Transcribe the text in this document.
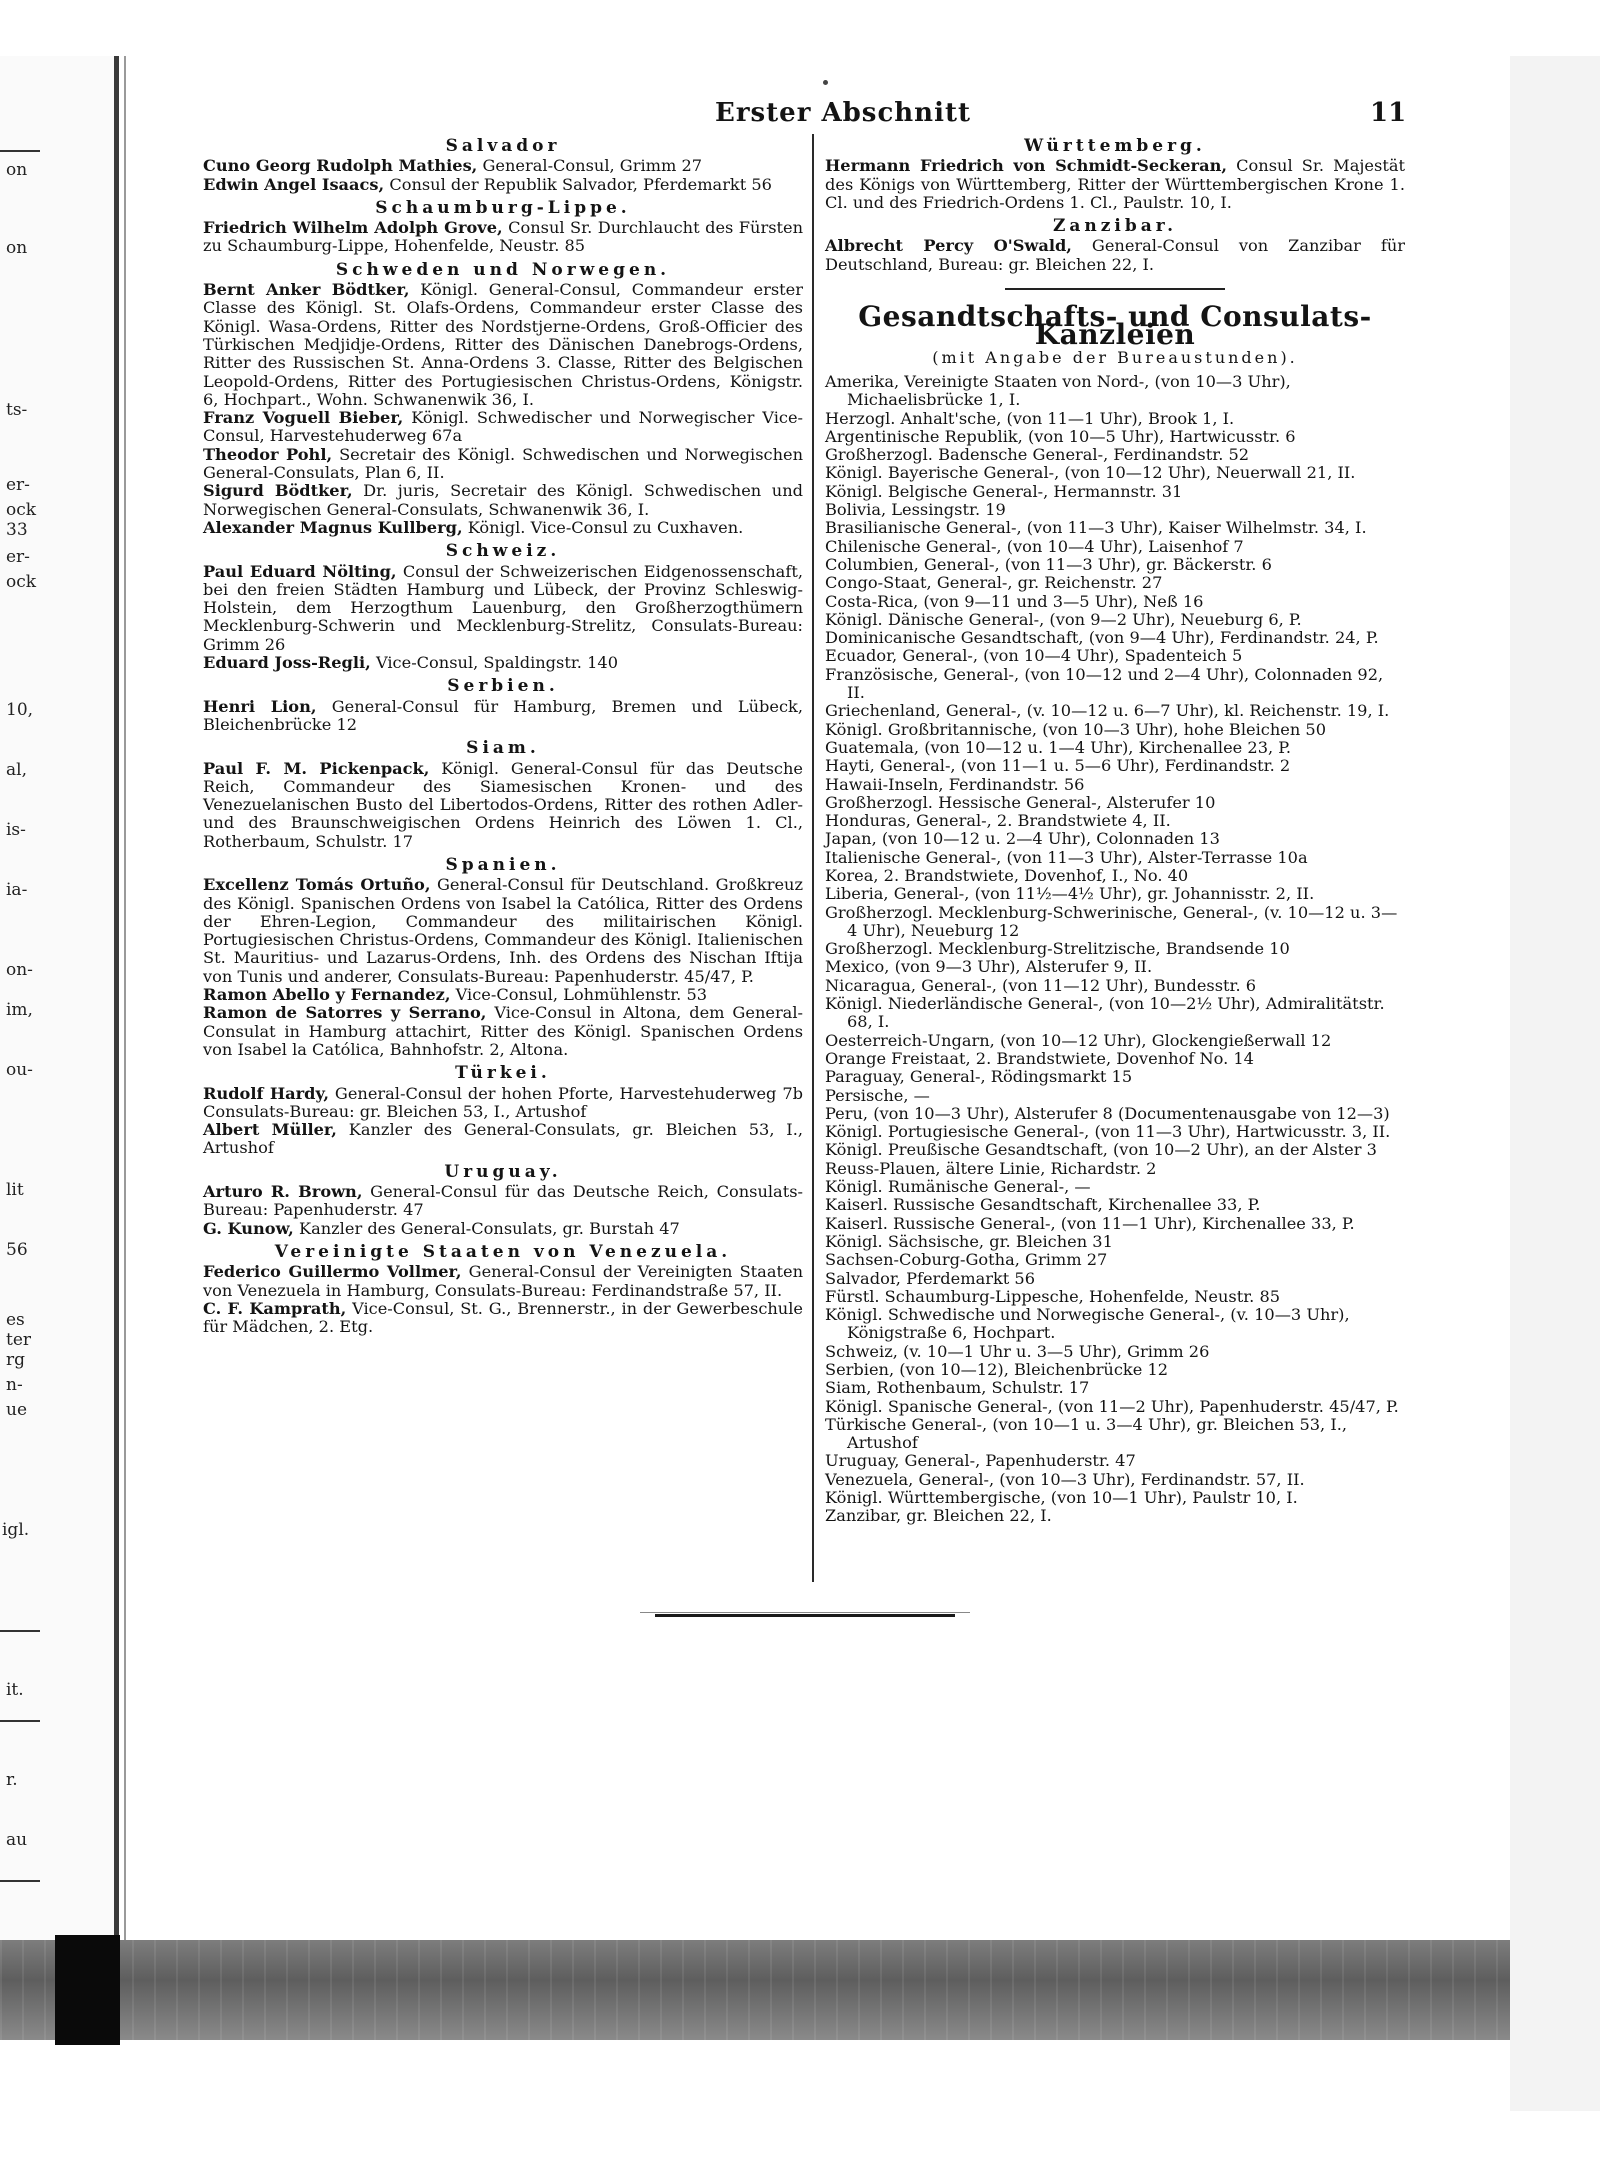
on
on
ts-
er-
ock
33
er-
ock
10,
al,
is-
ia-
on-
im,
ou-
lit
56
es
ter
rg
n-
ue
igl.
it.
r.
au
Erster Abschnitt	11
Salvador

Cuno Georg Rudolph Mathies, General-Consul, Grimm 27

Edwin Angel Isaacs, Consul der Republik Salvador, Pferdemarkt 56

Schaumburg-Lippe.

Friedrich Wilhelm Adolph Grove, Consul Sr. Durchlaucht des Fürsten zu Schaumburg-Lippe, Hohenfelde, Neustr. 85

Schweden und Norwegen.

Bernt Anker Bödtker, Königl. General-Consul, Commandeur erster Classe des Königl. St. Olafs-Ordens, Commandeur erster Classe des Königl. Wasa-Ordens, Ritter des Nordstjerne-Ordens, Groß-Officier des Türkischen Medjidje-Ordens, Ritter des Dänischen Danebrogs-Ordens, Ritter des Russischen St. Anna-Ordens 3. Classe, Ritter des Belgischen Leopold-Ordens, Ritter des Portugiesischen Christus-Ordens, Königstr. 6, Hochpart., Wohn. Schwanenwik 36, I.

Franz Voguell Bieber, Königl. Schwedischer und Norwegischer Vice-Consul, Harvestehuderweg 67a

Theodor Pohl, Secretair des Königl. Schwedischen und Norwegischen General-Consulats, Plan 6, II.

Sigurd Bödtker, Dr. juris, Secretair des Königl. Schwedischen und Norwegischen General-Consulats, Schwanenwik 36, I.

Alexander Magnus Kullberg, Königl. Vice-Consul zu Cuxhaven.

Schweiz.

Paul Eduard Nölting, Consul der Schweizerischen Eidgenossenschaft, bei den freien Städten Hamburg und Lübeck, der Provinz Schleswig-Holstein, dem Herzogthum Lauenburg, den Großherzogthümern Mecklenburg-Schwerin und Mecklenburg-Strelitz, Consulats-Bureau: Grimm 26

Eduard Joss-Regli, Vice-Consul, Spaldingstr. 140

Serbien.

Henri Lion, General-Consul für Hamburg, Bremen und Lübeck, Bleichenbrücke 12

Siam.

Paul F. M. Pickenpack, Königl. General-Consul für das Deutsche Reich, Commandeur des Siamesischen Kronen- und des Venezuelanischen Busto del Libertodos-Ordens, Ritter des rothen Adler- und des Braunschweigischen Ordens Heinrich des Löwen 1. Cl., Rotherbaum, Schulstr. 17

Spanien.

Excellenz Tomás Ortuño, General-Consul für Deutschland. Großkreuz des Königl. Spanischen Ordens von Isabel la Católica, Ritter des Ordens der Ehren-Legion, Commandeur des militairischen Königl. Portugiesischen Christus-Ordens, Commandeur des Königl. Italienischen St. Mauritius- und Lazarus-Ordens, Inh. des Ordens des Nischan Iftija von Tunis und anderer, Consulats-Bureau: Papenhuderstr. 45/47, P.

Ramon Abello y Fernandez, Vice-Consul, Lohmühlenstr. 53

Ramon de Satorres y Serrano, Vice-Consul in Altona, dem General-Consulat in Hamburg attachirt, Ritter des Königl. Spanischen Ordens von Isabel la Católica, Bahnhofstr. 2, Altona.

Türkei.

Rudolf Hardy, General-Consul der hohen Pforte, Harvestehuderweg 7b Consulats-Bureau: gr. Bleichen 53, I., Artushof

Albert Müller, Kanzler des General-Consulats, gr. Bleichen 53, I., Artushof

Uruguay.

Arturo R. Brown, General-Consul für das Deutsche Reich, Consulats-Bureau: Papenhuderstr. 47

G. Kunow, Kanzler des General-Consulats, gr. Burstah 47

Vereinigte Staaten von Venezuela.

Federico Guillermo Vollmer, General-Consul der Vereinigten Staaten von Venezuela in Hamburg, Consulats-Bureau: Ferdinandstraße 57, II.

C. F. Kamprath, Vice-Consul, St. G., Brennerstr., in der Gewerbeschule für Mädchen, 2. Etg.

Württemberg.

Hermann Friedrich von Schmidt-Seckeran, Consul Sr. Majestät des Königs von Württemberg, Ritter der Württembergischen Krone 1. Cl. und des Friedrich-Ordens 1. Cl., Paulstr. 10, I.

Zanzibar.

Albrecht Percy O'Swald, General-Consul von Zanzibar für Deutschland, Bureau: gr. Bleichen 22, I.

Gesandtschafts- und Consulats-Kanzleien
(mit Angabe der Bureaustunden).

Amerika, Vereinigte Staaten von Nord-, (von 10—3 Uhr), Michaelisbrücke 1, I.

Herzogl. Anhalt'sche, (von 11—1 Uhr), Brook 1, I.

Argentinische Republik, (von 10—5 Uhr), Hartwicusstr. 6

Großherzogl. Badensche General-, Ferdinandstr. 52

Königl. Bayerische General-, (von 10—12 Uhr), Neuerwall 21, II.

Königl. Belgische General-, Hermannstr. 31

Bolivia, Lessingstr. 19

Brasilianische General-, (von 11—3 Uhr), Kaiser Wilhelmstr. 34, I.

Chilenische General-, (von 10—4 Uhr), Laisenhof 7

Columbien, General-, (von 11—3 Uhr), gr. Bäckerstr. 6

Congo-Staat, General-, gr. Reichenstr. 27

Costa-Rica, (von 9—11 und 3—5 Uhr), Neß 16

Königl. Dänische General-, (von 9—2 Uhr), Neueburg 6, P.

Dominicanische Gesandtschaft, (von 9—4 Uhr), Ferdinandstr. 24, P.

Ecuador, General-, (von 10—4 Uhr), Spadenteich 5

Französische, General-, (von 10—12 und 2—4 Uhr), Colonnaden 92, II.

Griechenland, General-, (v. 10—12 u. 6—7 Uhr), kl. Reichenstr. 19, I.

Königl. Großbritannische, (von 10—3 Uhr), hohe Bleichen 50

Guatemala, (von 10—12 u. 1—4 Uhr), Kirchenallee 23, P.

Hayti, General-, (von 11—1 u. 5—6 Uhr), Ferdinandstr. 2

Hawaii-Inseln, Ferdinandstr. 56

Großherzogl. Hessische General-, Alsterufer 10

Honduras, General-, 2. Brandstwiete 4, II.

Japan, (von 10—12 u. 2—4 Uhr), Colonnaden 13

Italienische General-, (von 11—3 Uhr), Alster-Terrasse 10a

Korea, 2. Brandstwiete, Dovenhof, I., No. 40

Liberia, General-, (von 11½—4½ Uhr), gr. Johannisstr. 2, II.

Großherzogl. Mecklenburg-Schwerinische, General-, (v. 10—12 u. 3—4 Uhr), Neueburg 12

Großherzogl. Mecklenburg-Strelitzische, Brandsende 10

Mexico, (von 9—3 Uhr), Alsterufer 9, II.

Nicaragua, General-, (von 11—12 Uhr), Bundesstr. 6

Königl. Niederländische General-, (von 10—2½ Uhr), Admiralitätstr. 68, I.

Oesterreich-Ungarn, (von 10—12 Uhr), Glockengießerwall 12

Orange Freistaat, 2. Brandstwiete, Dovenhof No. 14

Paraguay, General-, Rödingsmarkt 15

Persische, —

Peru, (von 10—3 Uhr), Alsterufer 8 (Documentenausgabe von 12—3)

Königl. Portugiesische General-, (von 11—3 Uhr), Hartwicusstr. 3, II.

Königl. Preußische Gesandtschaft, (von 10—2 Uhr), an der Alster 3

Reuss-Plauen, ältere Linie, Richardstr. 2

Königl. Rumänische General-, —

Kaiserl. Russische Gesandtschaft, Kirchenallee 33, P.

Kaiserl. Russische General-, (von 11—1 Uhr), Kirchenallee 33, P.

Königl. Sächsische, gr. Bleichen 31

Sachsen-Coburg-Gotha, Grimm 27

Salvador, Pferdemarkt 56

Fürstl. Schaumburg-Lippesche, Hohenfelde, Neustr. 85

Königl. Schwedische und Norwegische General-, (v. 10—3 Uhr), Königstraße 6, Hochpart.

Schweiz, (v. 10—1 Uhr u. 3—5 Uhr), Grimm 26

Serbien, (von 10—12), Bleichenbrücke 12

Siam, Rothenbaum, Schulstr. 17

Königl. Spanische General-, (von 11—2 Uhr), Papenhuderstr. 45/47, P.

Türkische General-, (von 10—1 u. 3—4 Uhr), gr. Bleichen 53, I., Artushof

Uruguay, General-, Papenhuderstr. 47

Venezuela, General-, (von 10—3 Uhr), Ferdinandstr. 57, II.

Königl. Württembergische, (von 10—1 Uhr), Paulstr 10, I.

Zanzibar, gr. Bleichen 22, I.
